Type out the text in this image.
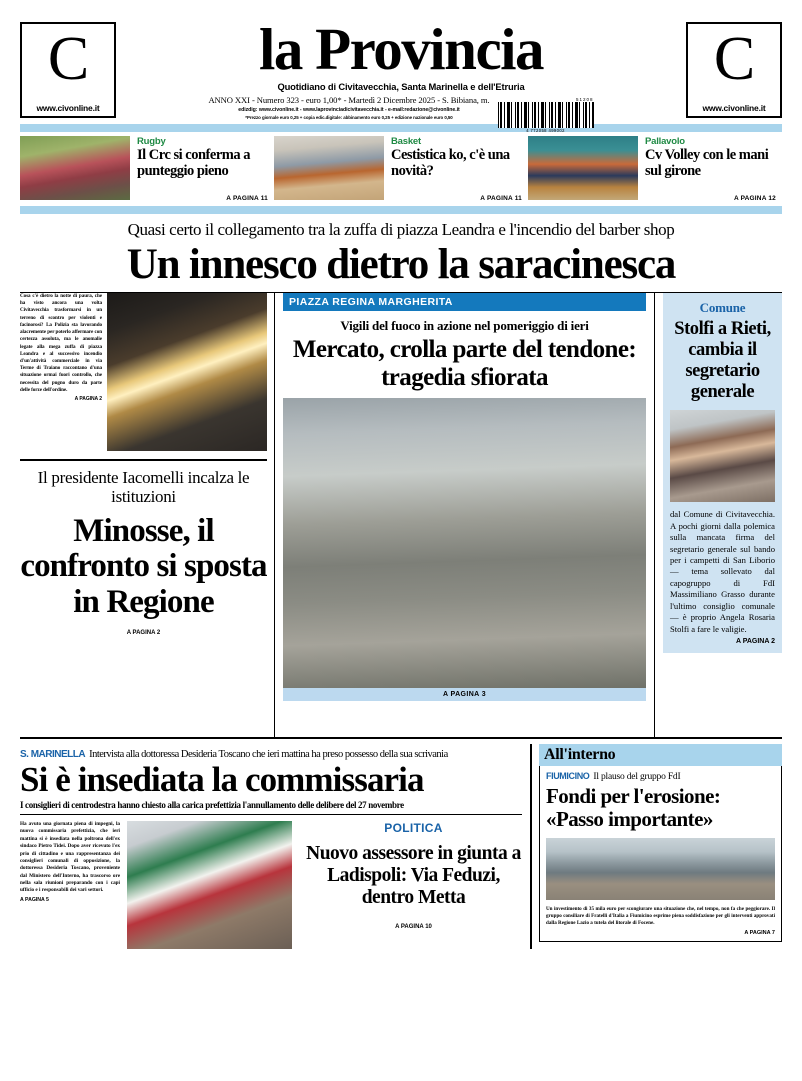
C
www.civonline.it
la Provincia
Quotidiano di Civitavecchia, Santa Marinella e dell'Etruria
ANNO XXI - Numero 323 - euro 1,00* - Martedì 2 Dicembre 2025 - S. Bibiana, m.
edizdig: www.civonline.it - www.laprovinciadicivitavecchia.it - e-mail:redazione@civonline.it
*Prezzo giornale euro 0,25 + copia edic.digitale: abbinamento euro 0,25 + edizione nazionale euro 0,50
51208
4 772058 499002
C
www.civonline.it
Rugby
Il Crc si conferma a punteggio pieno
A PAGINA 11
Basket
Cestistica ko, c'è una novità?
A PAGINA 11
Pallavolo
Cv Volley con le mani sul girone
A PAGINA 12
Quasi certo il collegamento tra la zuffa di piazza Leandra e l'incendio del barber shop
Un innesco dietro la saracinesca
Cosa c'è dietro la notte di paura, che ha visto ancora una volta Civitavecchia trasformarsi in un terreno di scontro per violenti e facinorosi? La Polizia sta lavorando alacremente per poterlo affermare con certezza assoluta, ma le anomalie legate alla mega zuffa di piazza Leandra e al successivo incendio d'un'attività commerciale in via Terme di Traiano raccontano d'una situazione ormai fuori controllo, che necessita del pugno duro da parte delle forze dell'ordine.
A PAGINA 2
Il presidente Iacomelli incalza le istituzioni
Minosse, il confronto si sposta in Regione
A PAGINA 2
PIAZZA REGINA MARGHERITA
Vigili del fuoco in azione nel pomeriggio di ieri
Mercato, crolla parte del tendone: tragedia sfiorata
A PAGINA 3
Comune
Stolfi a Rieti, cambia il segretario generale
dal Comune di Civitavecchia. A pochi giorni dalla polemica sulla mancata firma del segretario generale sul bando per i campetti di San Liborio — tema sollevato dal capogruppo di FdI Massimiliano Grasso durante l'ultimo consiglio comunale — è proprio Angela Rosaria Stolfi a fare le valigie.
A PAGINA 2
S. MARINELLA Intervista alla dottoressa Desideria Toscano che ieri mattina ha preso possesso della sua scrivania
Si è insediata la commissaria
I consiglieri di centrodestra hanno chiesto alla carica prefettizia l'annullamento delle delibere del 27 novembre
Ha avuto una giornata piena di impegni, la nuova commissaria prefettizia, che ieri mattina si è insediata nella poltrona dell'ex sindaco Pietro Tidei. Dopo aver ricevuto l'ex prio di cittadino e una rappresentanza dei consiglieri comunali di opposizione, la dottoressa Desideria Toscano, proveniente dal Ministero dell'Interno, ha trascorso ore nella sala riunioni preparando con i capi ufficio e i responsabili dei vari settori.
A PAGINA 5
POLITICA
Nuovo assessore in giunta a Ladispoli: Via Feduzi, dentro Metta
A PAGINA 10
All'interno
FIUMICINO Il plauso del gruppo FdI
Fondi per l'erosione: «Passo importante»
Un investimento di 35 mila euro per scongiurare una situazione che, nel tempo, non fa che peggiorare. Il gruppo consiliare di Fratelli d'Italia a Fiumicino esprime piena soddisfazione per gli interventi approvati dalla Regione Lazio a tutela del litorale di Focene.
A PAGINA 7
